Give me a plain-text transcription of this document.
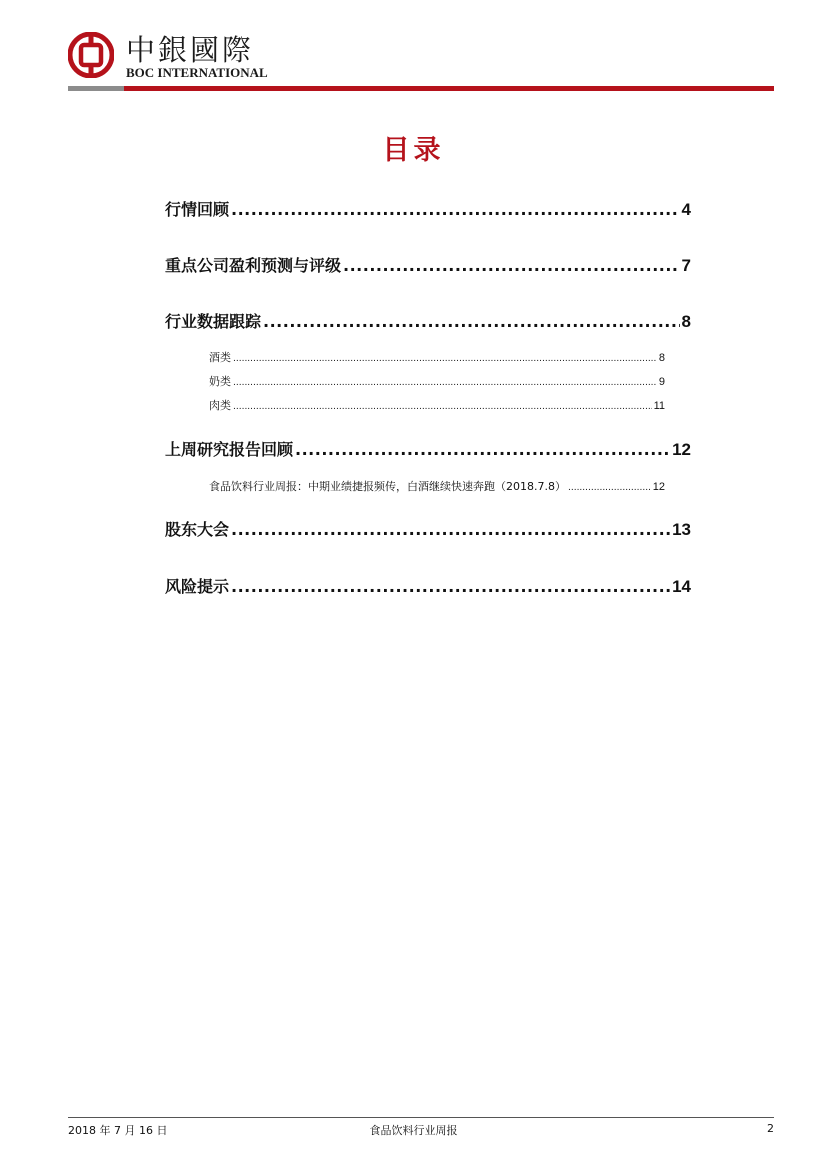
中銀國際
BOC INTERNATIONAL
目录
行情回顾 .....	4
重点公司盈利预测与评级 .....	7
行业数据跟踪 .....	8
酒类 .....	8
奶类 .....	9
肉类 .....	11
上周研究报告回顾 .....	12
食品饮料行业周报：中期业绩捷报频传，白酒继续快速奔跑（2018.7.8） .....	12
股东大会 .....	13
风险提示 .....	14
2018 年 7 月 16 日	食品饮料行业周报	2
